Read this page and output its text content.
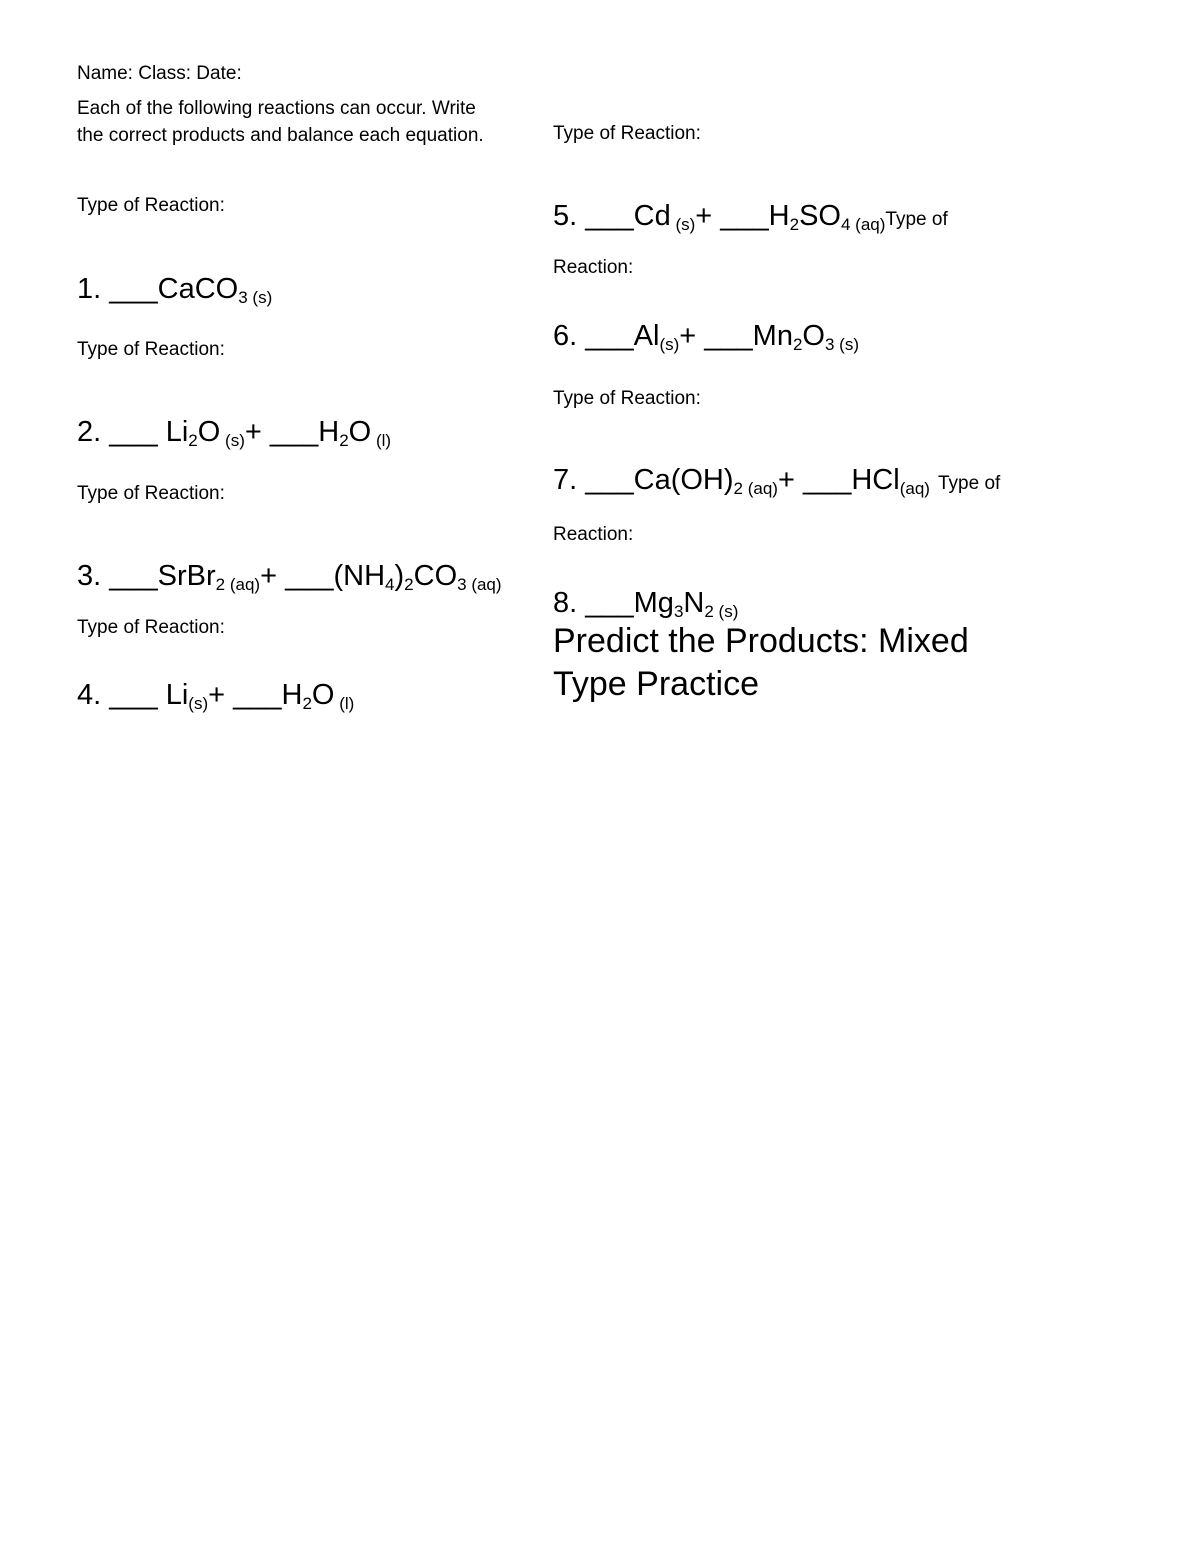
Name: Class: Date:
Each of the following reactions can occur. Write
the correct products and balance each equation.	Type of Reaction:
Type of Reaction:
1. ___CaCO$_3$ $_{(s)}$
Type of Reaction:
2. ___ $Li_2O$ $_{(s)}+ \_\_\_H_2O$ $_{(l)}$
Type of Reaction:
3. ___SrBr$_2$ $_{(aq)}+ \_\_\_(NH_4)_2CO_3$ $_{(aq)}$
Type of Reaction:
4. ___ $Li_{(s)}+$ $\_\_\_H_2O$ $_{(l)}$
5. ___Cd $_{(s)}+ \_\_\_H_2SO_4$ $_{(aq)}$Type of
Reaction:
6. $\_\_\_Al_{(s)}+$ $\_\_\_Mn_2O_3$ $_{(s)}$
Type of Reaction:
7. $\_\_\_Ca(OH)_2$ $_{(aq)}$+ ___HCl$_{(aq)}$ Type of
Reaction:
8. $\_\_\_Mg_3N_2$ $_{(s)}$
Predict the Products: Mixed
Type Practice
